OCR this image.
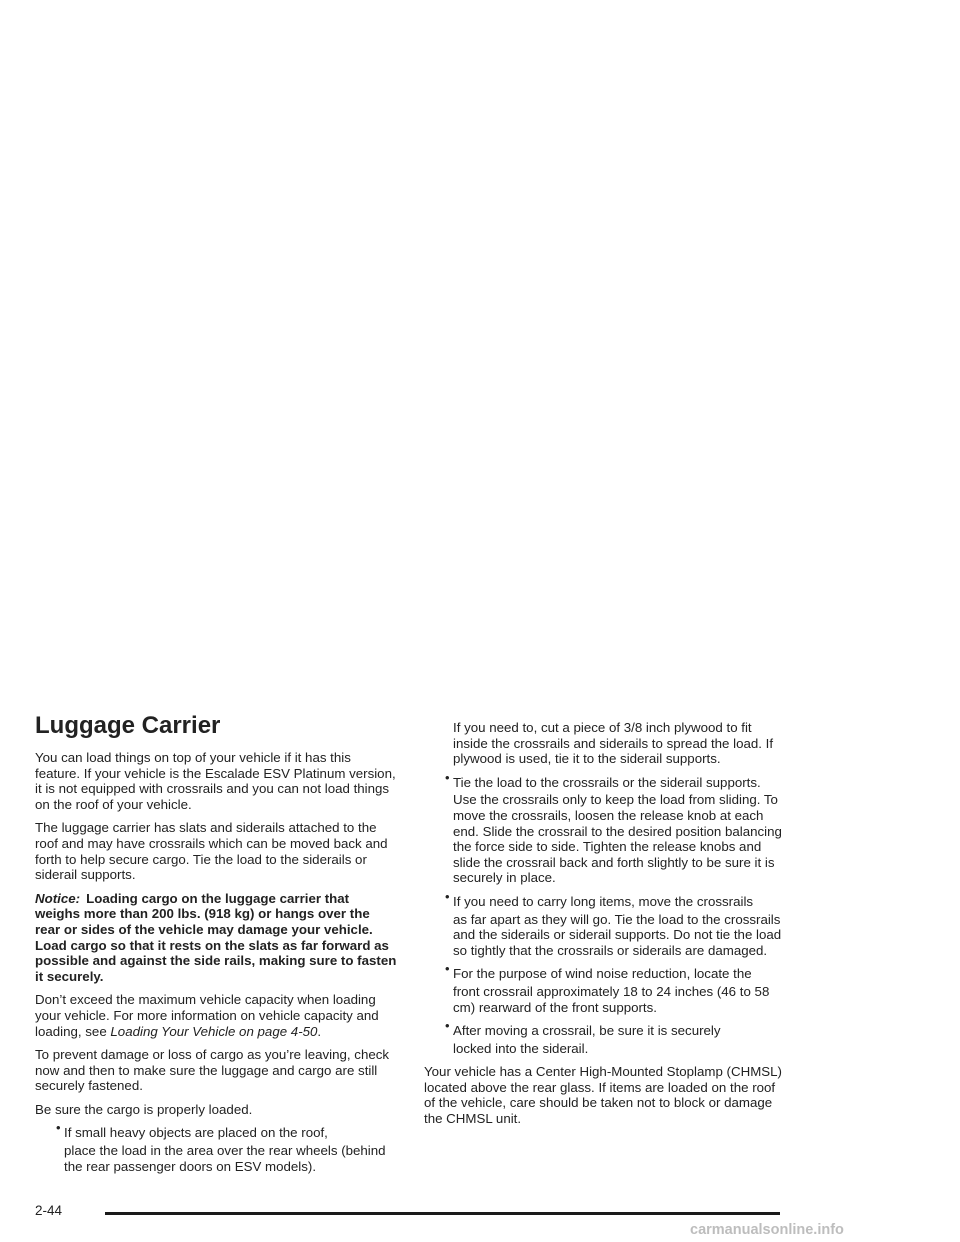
Luggage Carrier

You can load things on top of your vehicle if it has this feature. If your vehicle is the Escalade ESV Platinum version, it is not equipped with crossrails and you can not load things on the roof of your vehicle.

The luggage carrier has slats and siderails attached to the roof and may have crossrails which can be moved back and forth to help secure cargo. Tie the load to the siderails or siderail supports.

Notice: Loading cargo on the luggage carrier that weighs more than 200 lbs. (918 kg) or hangs over the rear or sides of the vehicle may damage your vehicle. Load cargo so that it rests on the slats as far forward as possible and against the side rails, making sure to fasten it securely.

Don’t exceed the maximum vehicle capacity when loading your vehicle. For more information on vehicle capacity and loading, see Loading Your Vehicle on page 4-50.

To prevent damage or loss of cargo as you’re leaving, check now and then to make sure the luggage and cargo are still securely fastened.

Be sure the cargo is properly loaded.

• If small heavy objects are placed on the roof,
place the load in the area over the rear wheels (behind the rear passenger doors on ESV models).

If you need to, cut a piece of 3/8 inch plywood to fit inside the crossrails and siderails to spread the load. If plywood is used, tie it to the siderail supports.

• Tie the load to the crossrails or the siderail supports.
Use the crossrails only to keep the load from sliding. To move the crossrails, loosen the release knob at each end. Slide the crossrail to the desired position balancing the force side to side. Tighten the release knobs and slide the crossrail back and forth slightly to be sure it is securely in place.
• If you need to carry long items, move the crossrails
as far apart as they will go. Tie the load to the crossrails and the siderails or siderail supports. Do not tie the load so tightly that the crossrails or siderails are damaged.
• For the purpose of wind noise reduction, locate the
front crossrail approximately 18 to 24 inches (46 to 58 cm) rearward of the front supports.
• After moving a crossrail, be sure it is securely
locked into the siderail.

Your vehicle has a Center High-Mounted Stoplamp (CHMSL) located above the rear glass. If items are loaded on the roof of the vehicle, care should be taken not to block or damage the CHMSL unit.

2-44
carmanualsonline.info
